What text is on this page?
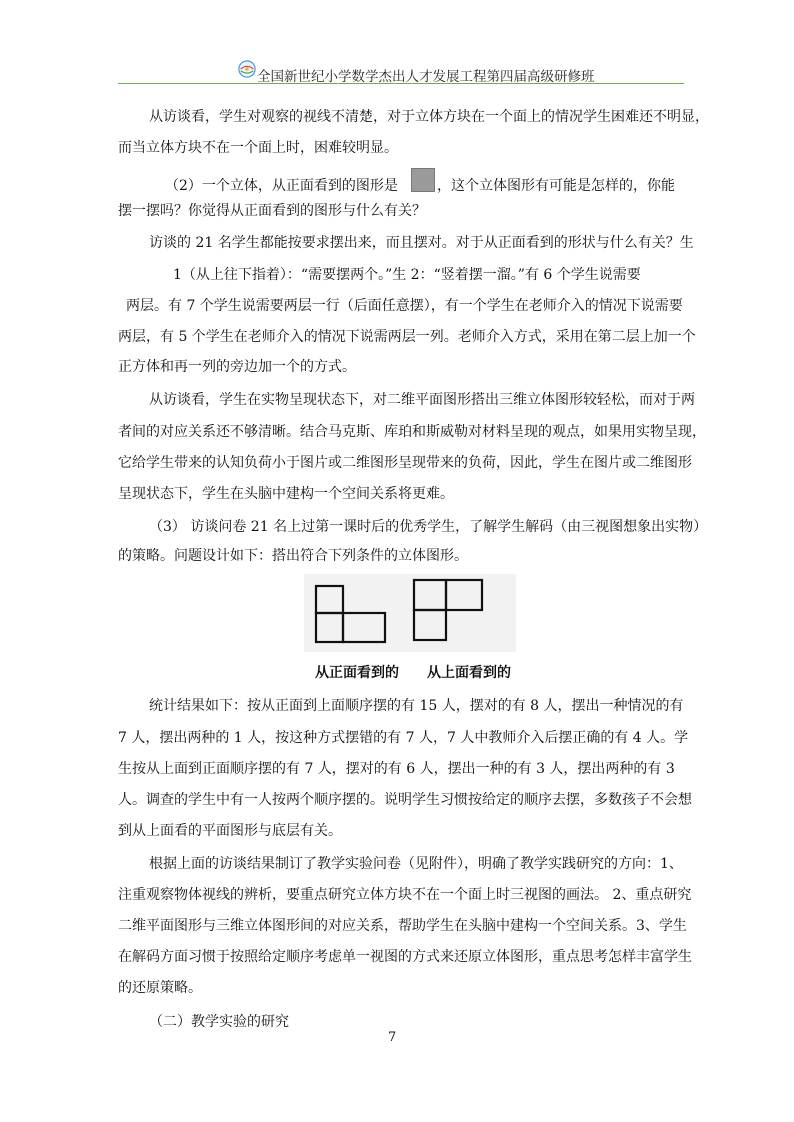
全国新世纪小学数学杰出人才发展工程第四届高级研修班
从访谈看，学生对观察的视线不清楚，对于立体方块在一个面上的情况学生困难还不明显，
而当立体方块不在一个面上时，困难较明显。
（2）一个立体，从正面看到的图形是	，这个立体图形有可能是怎样的，你能
摆一摆吗？你觉得从正面看到的图形与什么有关？
访谈的 21 名学生都能按要求摆出来，而且摆对。对于从正面看到的形状与什么有关？生
1（从上往下指着）：“需要摆两个。”生 2：“竖着摆一溜。”有 6 个学生说需要
两层。有 7 个学生说需要两层一行（后面任意摆），有一个学生在老师介入的情况下说需要
两层，有 5 个学生在老师介入的情况下说需两层一列。老师介入方式，采用在第二层上加一个
正方体和再一列的旁边加一个的方式。
从访谈看，学生在实物呈现状态下，对二维平面图形搭出三维立体图形较轻松，而对于两
者间的对应关系还不够清晰。结合马克斯、库珀和斯威勒对材料呈现的观点，如果用实物呈现，
它给学生带来的认知负荷小于图片或二维图形呈现带来的负荷，因此，学生在图片或二维图形
呈现状态下，学生在头脑中建构一个空间关系将更难。
（3） 访谈问卷 21 名上过第一课时后的优秀学生，了解学生解码（由三视图想象出实物）
的策略。问题设计如下：搭出符合下列条件的立体图形。
从正面看到的 从上面看到的
统计结果如下：按从正面到上面顺序摆的有 15 人，摆对的有 8 人，摆出一种情况的有
7 人，摆出两种的 1 人，按这种方式摆错的有 7 人，7 人中教师介入后摆正确的有 4 人。学
生按从上面到正面顺序摆的有 7 人，摆对的有 6 人，摆出一种的有 3 人，摆出两种的有 3
人。调查的学生中有一人按两个顺序摆的。说明学生习惯按给定的顺序去摆，多数孩子不会想
到从上面看的平面图形与底层有关。
根据上面的访谈结果制订了教学实验问卷（见附件），明确了教学实践研究的方向：1、
注重观察物体视线的辨析，要重点研究立体方块不在一个面上时三视图的画法。 2、重点研究
二维平面图形与三维立体图形间的对应关系，帮助学生在头脑中建构一个空间关系。3、学生
在解码方面习惯于按照给定顺序考虑单一视图的方式来还原立体图形，重点思考怎样丰富学生
的还原策略。
（二）教学实验的研究
7
